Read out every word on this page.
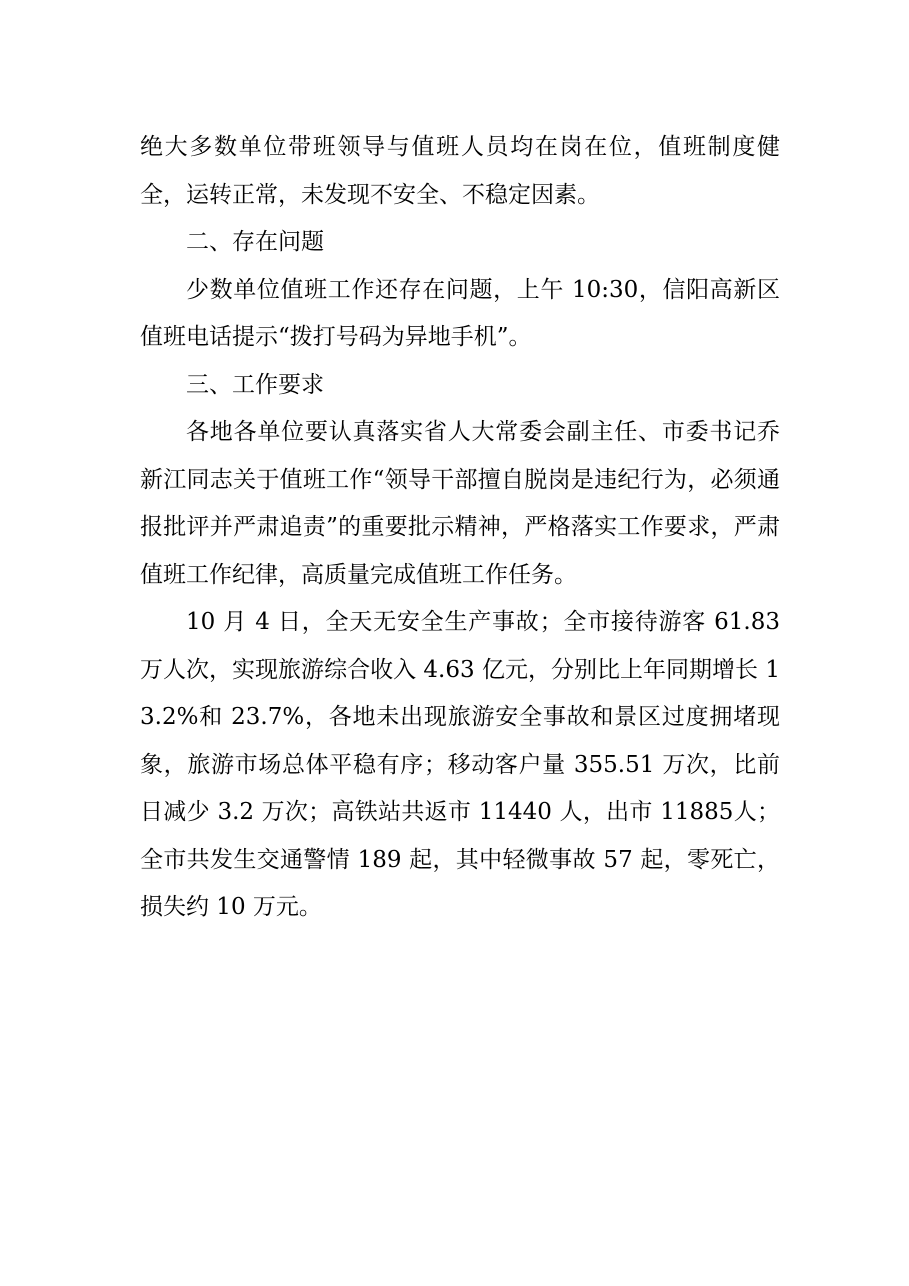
绝大多数单位带班领导与值班人员均在岗在位，值班制度健全，运转正常，未发现不安全、不稳定因素。

二、存在问题

少数单位值班工作还存在问题，上午 10:30，信阳高新区值班电话提示“拨打号码为异地手机”。

三、工作要求

各地各单位要认真落实省人大常委会副主任、市委书记乔新江同志关于值班工作“领导干部擅自脱岗是违纪行为，必须通报批评并严肃追责”的重要批示精神，严格落实工作要求，严肃值班工作纪律，高质量完成值班工作任务。

10 月 4 日，全天无安全生产事故；全市接待游客 61.83万人次，实现旅游综合收入 4.63 亿元，分别比上年同期增长 13.2%和 23.7%，各地未出现旅游安全事故和景区过度拥堵现象，旅游市场总体平稳有序；移动客户量 355.51 万次，比前日减少 3.2 万次；高铁站共返市 11440 人，出市 11885人；全市共发生交通警情 189 起，其中轻微事故 57 起，零死亡，损失约 10 万元。
